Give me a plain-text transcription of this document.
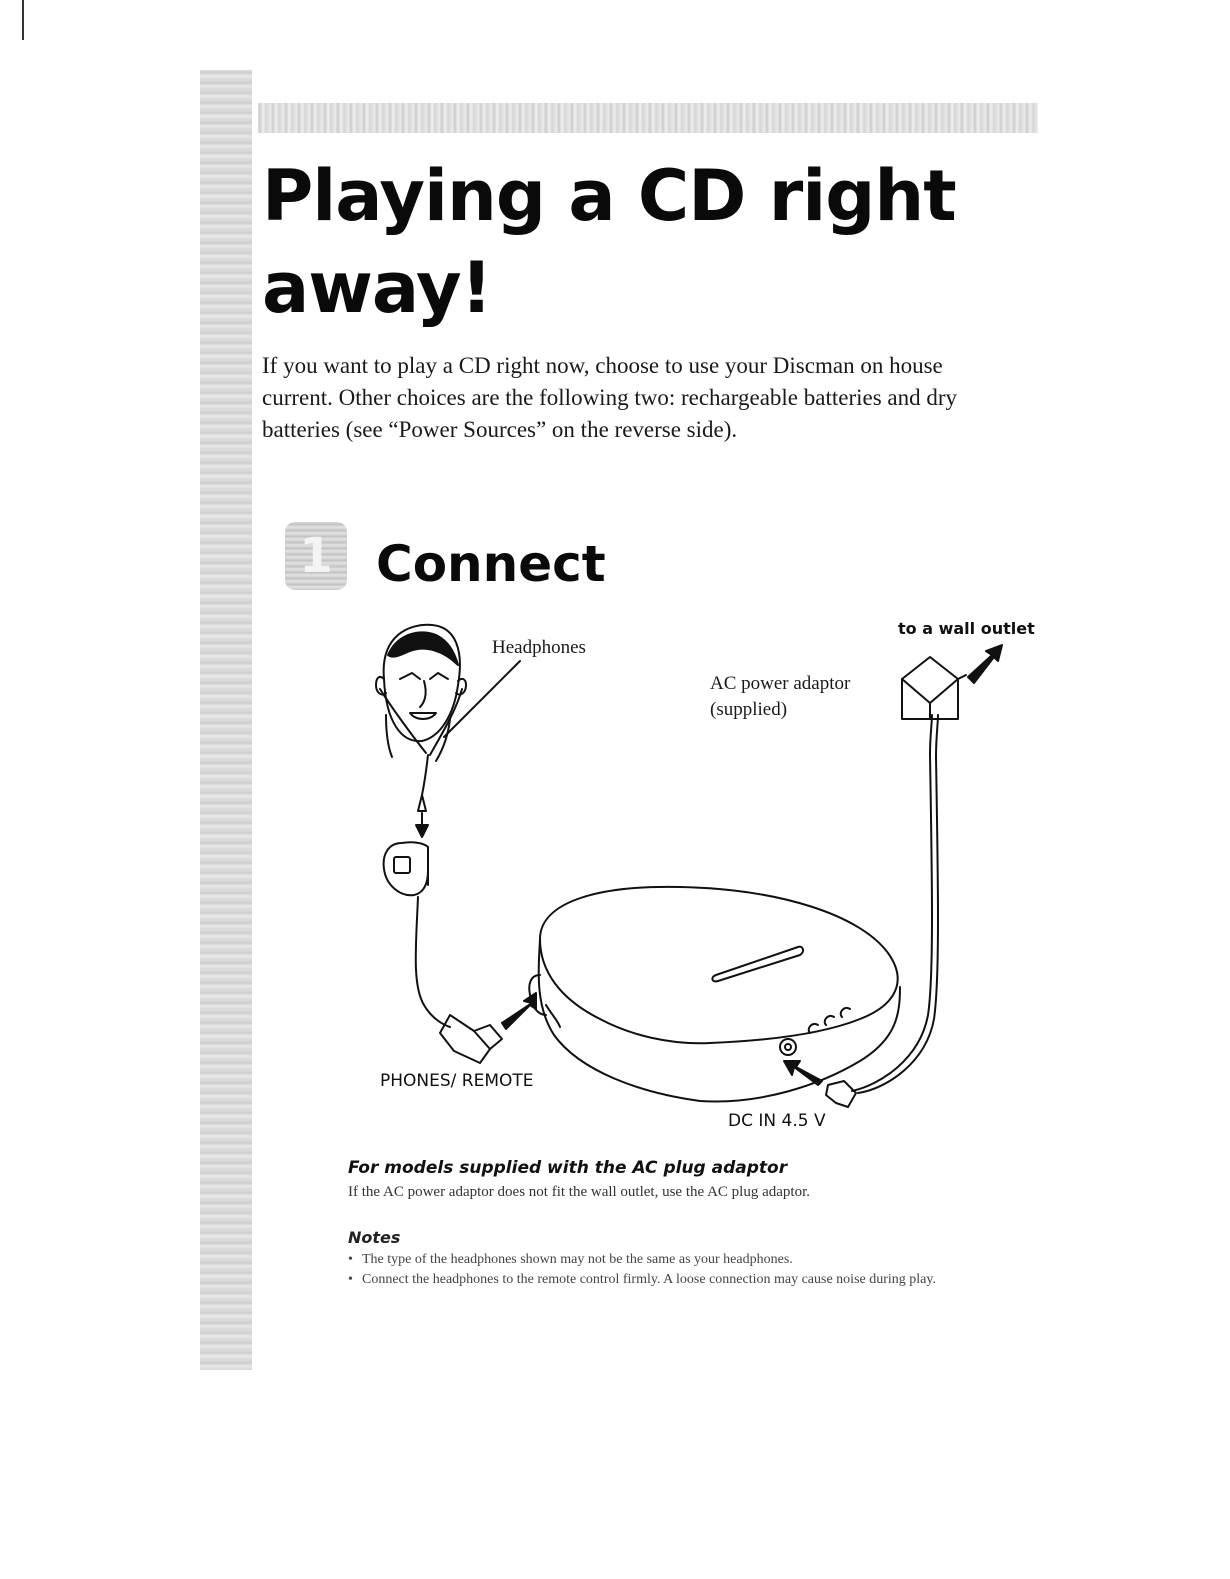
Playing a CD right
away!

If you want to play a CD right now, choose to use your Discman on house current. Other choices are the following two: rechargeable batteries and dry batteries (see “Power Sources” on the reverse side).

1 Connect
to a wall outlet
Headphones
AC power adaptor
(supplied)
PHONES/ REMOTE
DC IN 4.5 V
For models supplied with the AC plug adaptor

If the AC power adaptor does not fit the wall outlet, use the AC plug adaptor.

Notes
• The type of the headphones shown may not be the same as your headphones.
• Connect the headphones to the remote control firmly. A loose connection may cause noise during play.
